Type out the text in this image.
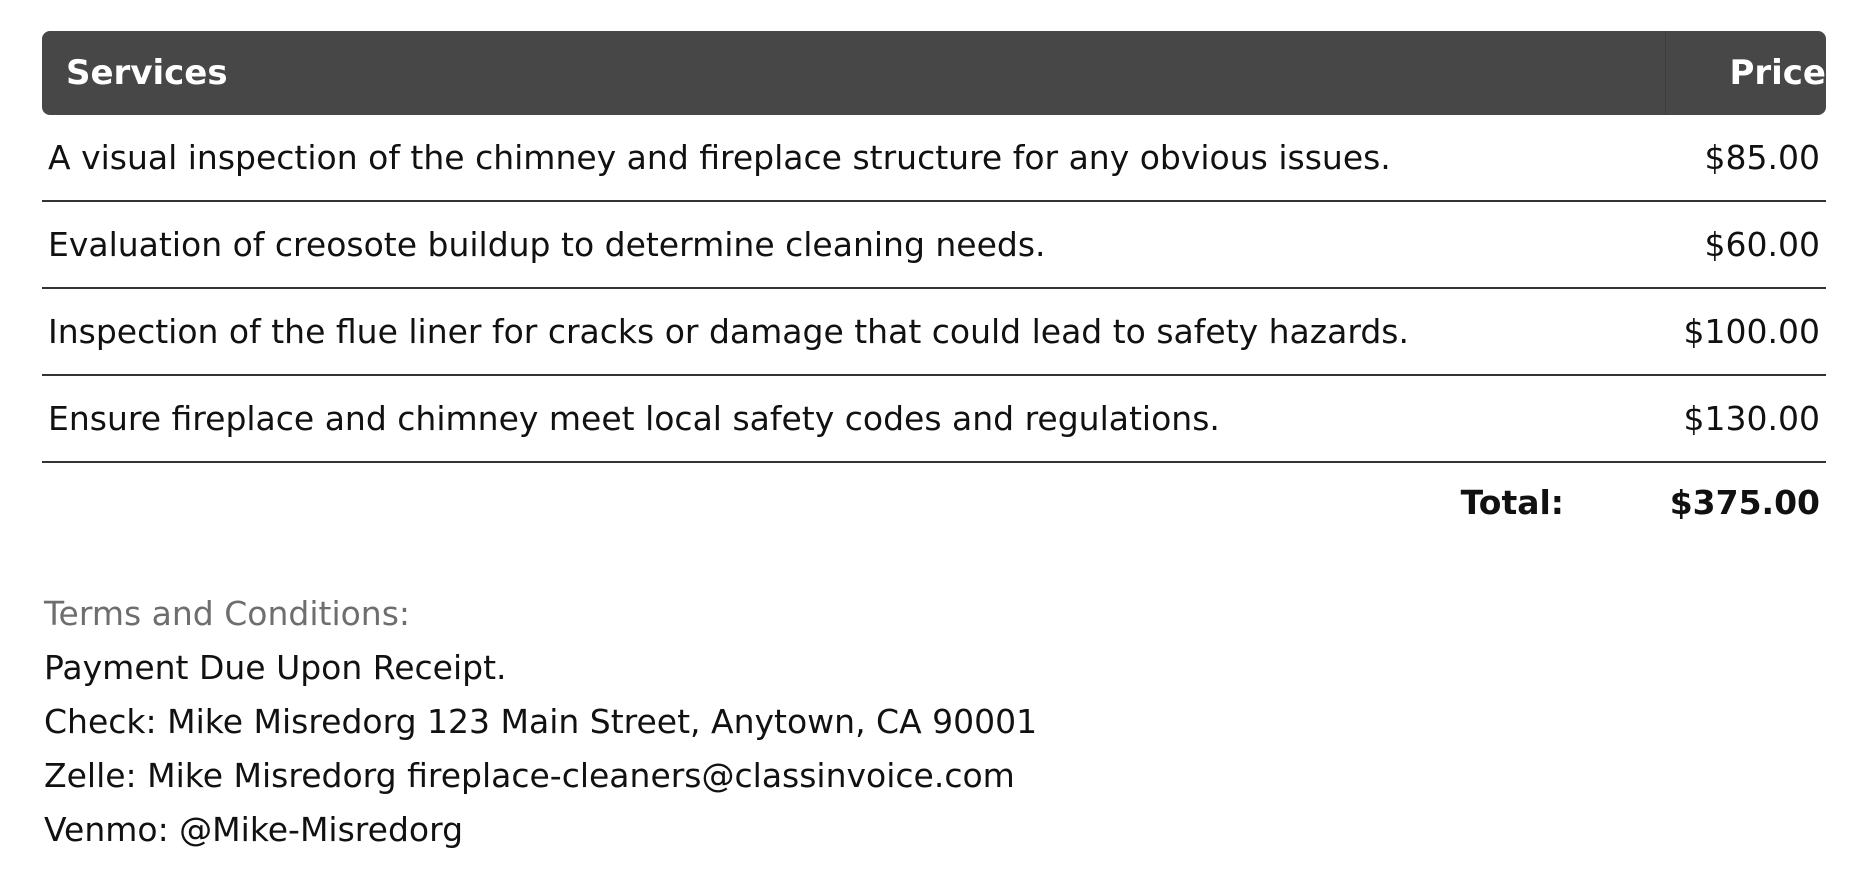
Services	Price
A visual inspection of the chimney and fireplace structure for any obvious issues.	$85.00
Evaluation of creosote buildup to determine cleaning needs.	$60.00
Inspection of the flue liner for cracks or damage that could lead to safety hazards.	$100.00
Ensure fireplace and chimney meet local safety codes and regulations.	$130.00
Total:	$375.00
Terms and Conditions:
Payment Due Upon Receipt.
Check: Mike Misredorg 123 Main Street, Anytown, CA 90001
Zelle: Mike Misredorg fireplace-cleaners@classinvoice.com
Venmo: @Mike-Misredorg
